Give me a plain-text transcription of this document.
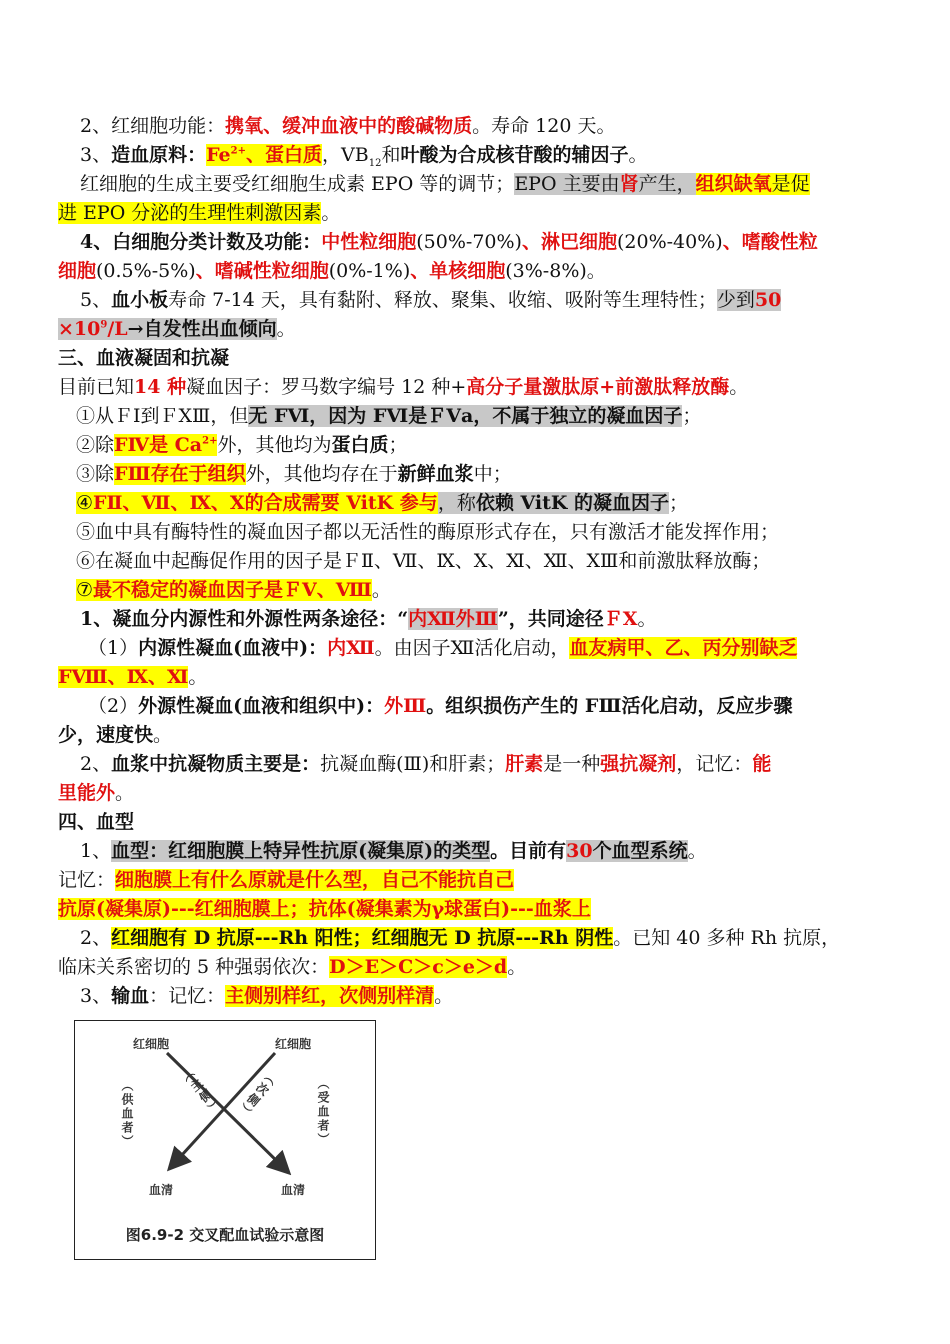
2、红细胞功能：携氧、缓冲血液中的酸碱物质。寿命 120 天。
3、造血原料：$Fe^{2+}$、蛋白质，$VB_{12}$和叶酸为合成核苷酸的辅因子。
红细胞的生成主要受红细胞生成素 EPO 等的调节；EPO 主要由肾产生，组织缺氧是促
进 EPO 分泌的生理性刺激因素。
4、白细胞分类计数及功能：中性粒细胞(50%-70%)、淋巴细胞(20%-40%)、嗜酸性粒
细胞(0.5%-5%)、嗜碱性粒细胞(0%-1%)、单核细胞(3%-8%)。
5、血小板寿命 7-14 天，具有黏附、释放、聚集、收缩、吸附等生理特性；少到50
$\times 10^9/L\to$自发性出血倾向。
三、血液凝固和抗凝
目前已知14 种凝血因子：罗马数字编号 12 种+高分子量激肽原+前激肽释放酶。
①从ＦⅠ到ＦⅩⅢ，但无 FⅥ，因为 FⅥ是ＦⅤa，不属于独立的凝血因子；
②除FⅣ是 $Ca^{2+}$外，其他均为蛋白质；
③除FⅢ存在于组织外，其他均存在于新鲜血浆中；
④FⅡ、Ⅶ、Ⅸ、Ⅹ的合成需要 VitK 参与，称依赖 VitK 的凝血因子；
⑤血中具有酶特性的凝血因子都以无活性的酶原形式存在，只有激活才能发挥作用；
⑥在凝血中起酶促作用的因子是ＦⅡ、Ⅶ、Ⅸ、Ⅹ、Ⅺ、Ⅻ、ⅩⅢ和前激肽释放酶；
⑦最不稳定的凝血因子是ＦⅤ、Ⅷ。
1、凝血分内源性和外源性两条途径：“内Ⅻ外Ⅲ”，共同途径ＦⅩ。
（1）内源性凝血(血液中)：内Ⅻ。由因子Ⅻ活化启动，血友病甲、乙、丙分别缺乏
FⅧ、Ⅸ、Ⅺ。
（2）外源性凝血(血液和组织中)：外Ⅲ。组织损伤产生的 FⅢ活化启动，反应步骤
少，速度快。
2、血浆中抗凝物质主要是：抗凝血酶(Ⅲ)和肝素；肝素是一种强抗凝剂，记忆：能
里能外。
四、血型
1、血型：红细胞膜上特异性抗原(凝集原)的类型。目前有30个血型系统。
记忆：细胞膜上有什么原就是什么型，自己不能抗自己
抗原(凝集原)---红细胞膜上；抗体(凝集素为γ球蛋白)---血浆上
2、红细胞有 D 抗原---Rh 阳性；红细胞无 D 抗原---Rh 阴性。已知 40 多种 Rh 抗原，
临床关系密切的 5 种强弱依次：D＞E＞C＞c＞e＞d。
3、输血：记忆：主侧别样红，次侧别样清。
红细胞	红细胞
（供血者）	（受血者）
（主侧） （次侧）
血清	血清
图6.9-2 交叉配血试验示意图
